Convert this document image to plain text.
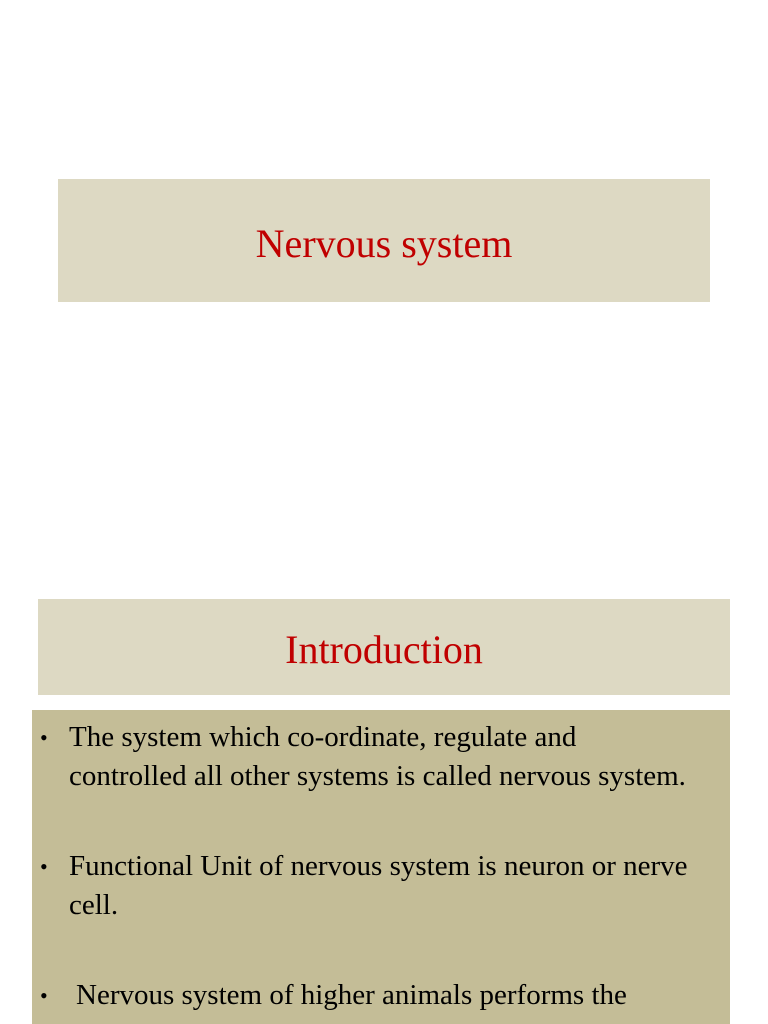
Nervous system
Introduction
• The system which co-ordinate, regulate and controlled all other systems is called nervous system.
• Functional Unit of nervous system is neuron or nerve cell.
• Nervous system of higher animals performs the
